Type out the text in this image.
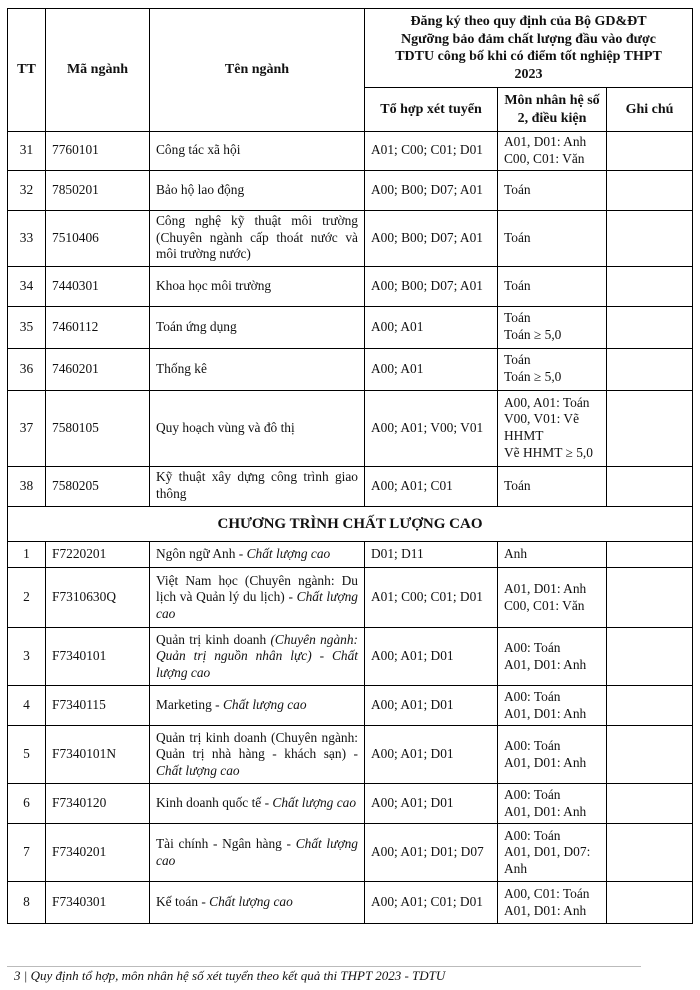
TT	Mã ngành	Tên ngành	Đăng ký theo quy định của Bộ GD&ĐT
Ngưỡng bảo đảm chất lượng đầu vào được
TDTU công bố khi có điểm tốt nghiệp THPT
2023		

			Tổ hợp xét tuyển	Môn nhân hệ số 2, điều kiện	Ghi chú
31	7760101	Công tác xã hội	A01; C00; C01; D01	A01, D01: Anh
C00, C01: Văn	

32	7850201	Bảo hộ lao động	A00; B00; D07; A01	Toán	

33	7510406	Công nghệ kỹ thuật môi trường (Chuyên ngành cấp thoát nước và môi trường nước)	A00; B00; D07; A01	Toán	

34	7440301	Khoa học môi trường	A00; B00; D07; A01	Toán	

35	7460112	Toán ứng dụng	A00; A01	Toán
Toán ≥ 5,0	

36	7460201	Thống kê	A00; A01	Toán
Toán ≥ 5,0	

37	7580105	Quy hoạch vùng và đô thị	A00; A01; V00; V01	A00, A01: Toán
V00, V01: Vẽ HHMT
Vẽ HHMT ≥ 5,0	

38	7580205	Kỹ thuật xây dựng công trình giao thông	A00; A01; C01	Toán	

CHƯƠNG TRÌNH CHẤT LƯỢNG CAO					
1	F7220201	Ngôn ngữ Anh - Chất lượng cao	D01; D11	Anh	

2	F7310630Q	Việt Nam học (Chuyên ngành: Du lịch và Quản lý du lịch) - Chất lượng cao	A01; C00; C01; D01	A01, D01: Anh
C00, C01: Văn	

3	F7340101	Quản trị kinh doanh (Chuyên ngành: Quản trị nguồn nhân lực) - Chất lượng cao	A00; A01; D01	A00: Toán
A01, D01: Anh	

4	F7340115	Marketing - Chất lượng cao	A00; A01; D01	A00: Toán
A01, D01: Anh	

5	F7340101N	Quản trị kinh doanh (Chuyên ngành: Quản trị nhà hàng - khách sạn) - Chất lượng cao	A00; A01; D01	A00: Toán
A01, D01: Anh	

6	F7340120	Kinh doanh quốc tế - Chất lượng cao	A00; A01; D01	A00: Toán
A01, D01: Anh	

7	F7340201	Tài chính - Ngân hàng - Chất lượng cao	A00; A01; D01; D07	A00: Toán
A01, D01, D07: Anh	

8	F7340301	Kế toán - Chất lượng cao	A00; A01; C01; D01	A00, C01: Toán
A01, D01: Anh	

3 | Quy định tổ hợp, môn nhân hệ số xét tuyển theo kết quả thi THPT 2023 - TDTU
